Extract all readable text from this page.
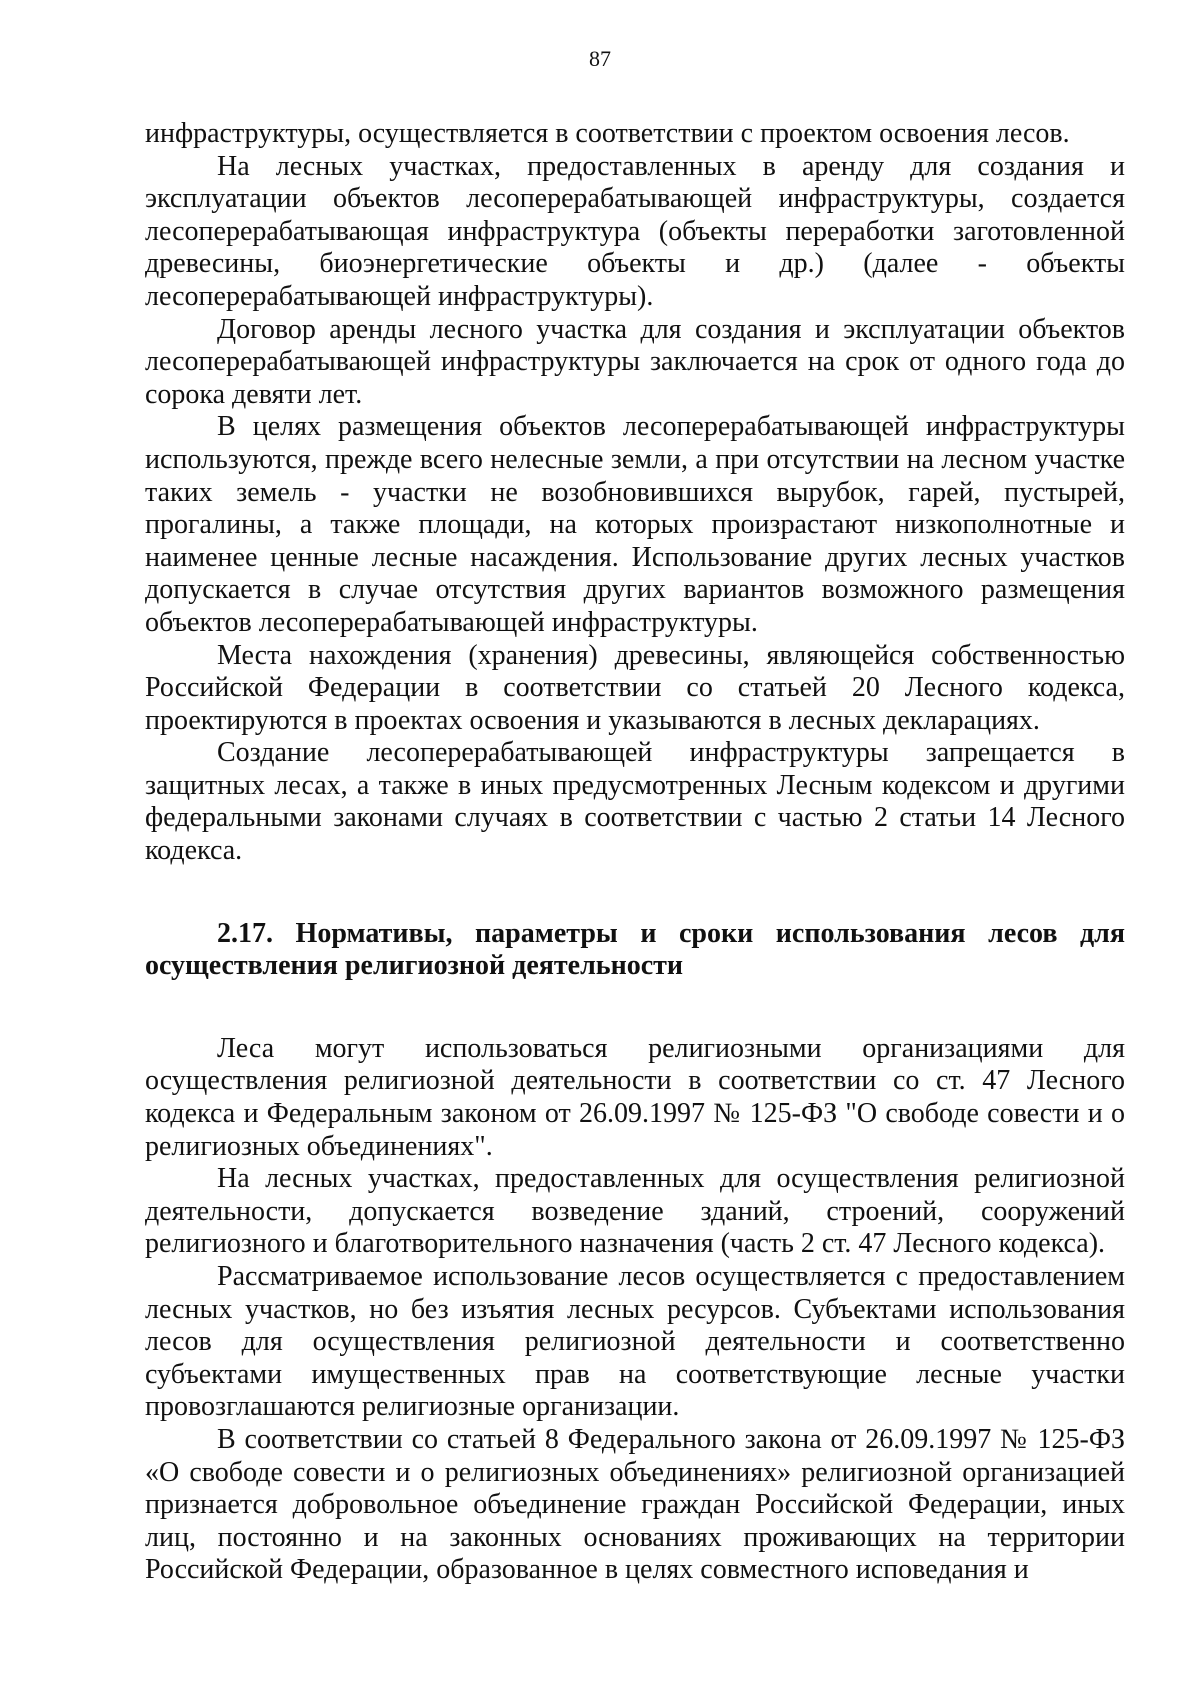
87

инфраструктуры, осуществляется в соответствии с проектом освоения лесов.

На лесных участках, предоставленных в аренду для создания и эксплуатации объектов лесоперерабатывающей инфраструктуры, создается лесоперерабатывающая инфраструктура (объекты переработки заготовленной древесины, биоэнергетические объекты и др.) (далее - объекты лесоперерабатывающей инфраструктуры).

Договор аренды лесного участка для создания и эксплуатации объектов лесоперерабатывающей инфраструктуры заключается на срок от одного года до сорока девяти лет.

В целях размещения объектов лесоперерабатывающей инфраструктуры используются, прежде всего нелесные земли, а при отсутствии на лесном участке таких земель - участки не возобновившихся вырубок, гарей, пустырей, прогалины, а также площади, на которых произрастают низкополнотные и наименее ценные лесные насаждения. Использование других лесных участков допускается в случае отсутствия других вариантов возможного размещения объектов лесоперерабатывающей инфраструктуры.

Места нахождения (хранения) древесины, являющейся собственностью Российской Федерации в соответствии со статьей 20 Лесного кодекса, проектируются в проектах освоения и указываются в лесных декларациях.

Создание лесоперерабатывающей инфраструктуры запрещается в защитных лесах, а также в иных предусмотренных Лесным кодексом и другими федеральными законами случаях в соответствии с частью 2 статьи 14 Лесного кодекса.

2.17. Нормативы, параметры и сроки использования лесов для осуществления религиозной деятельности

Леса могут использоваться религиозными организациями для осуществления религиозной деятельности в соответствии со ст. 47 Лесного кодекса и Федеральным законом от 26.09.1997 № 125-ФЗ "О свободе совести и о религиозных объединениях".

На лесных участках, предоставленных для осуществления религиозной деятельности, допускается возведение зданий, строений, сооружений религиозного и благотворительного назначения (часть 2 ст. 47 Лесного кодекса).

Рассматриваемое использование лесов осуществляется с предоставлением лесных участков, но без изъятия лесных ресурсов. Субъектами использования лесов для осуществления религиозной деятельности и соответственно субъектами имущественных прав на соответствующие лесные участки провозглашаются религиозные организации.

В соответствии со статьей 8 Федерального закона от 26.09.1997 № 125-ФЗ «О свободе совести и о религиозных объединениях» религиозной организацией признается добровольное объединение граждан Российской Федерации, иных лиц, постоянно и на законных основаниях проживающих на территории Российской Федерации, образованное в целях совместного исповедания и
